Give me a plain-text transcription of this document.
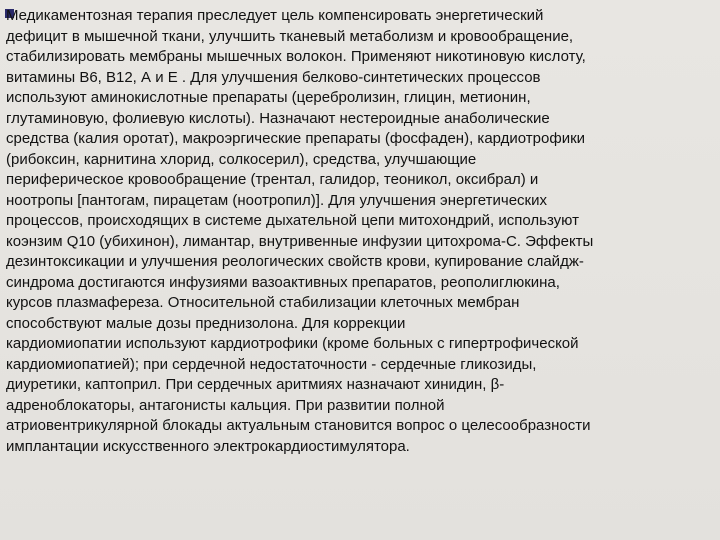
Медикаментозная терапия преследует цель компенсировать энергетический
дефицит в мышечной ткани, улучшить тканевый метаболизм и кровообращение,
стабилизировать мембраны мышечных волокон. Применяют никотиновую кислоту,
витамины В6, В12, А и Е . Для улучшения белково-синтетических процессов
используют аминокислотные препараты (церебролизин, глицин, метионин,
глутаминовую, фолиевую кислоты). Назначают нестероидные анаболические
средства (калия оротат), макроэргические препараты (фосфаден), кардиотрофики
(рибоксин, карнитина хлорид, солкосерил), средства, улучшающие
периферическое кровообращение (трентал, галидор, теоникол, оксибрал) и
ноотропы [пантогам, пирацетам (ноотропил)]. Для улучшения энергетических
процессов, происходящих в системе дыхательной цепи митохондрий, используют
коэнзим Q10 (убихинон), лимантар, внутривенные инфузии цитохрома-С. Эффекты
дезинтоксикации и улучшения реологических свойств крови, купирование слайдж-
синдрома достигаются инфузиями вазоактивных препаратов, реополиглюкина,
курсов плазмафереза. Относительной стабилизации клеточных мембран
способствуют малые дозы преднизолона. Для коррекции
кардиомиопатии используют кардиотрофики (кроме больных с гипертрофической
кардиомиопатией); при сердечной недостаточности - сердечные гликозиды,
диуретики, каптоприл. При сердечных аритмиях назначают хинидин, β-
адреноблокаторы, антагонисты кальция. При развитии полной
атриовентрикулярной блокады актуальным становится вопрос о целесообразности
имплантации искусственного электрокардиостимулятора.
